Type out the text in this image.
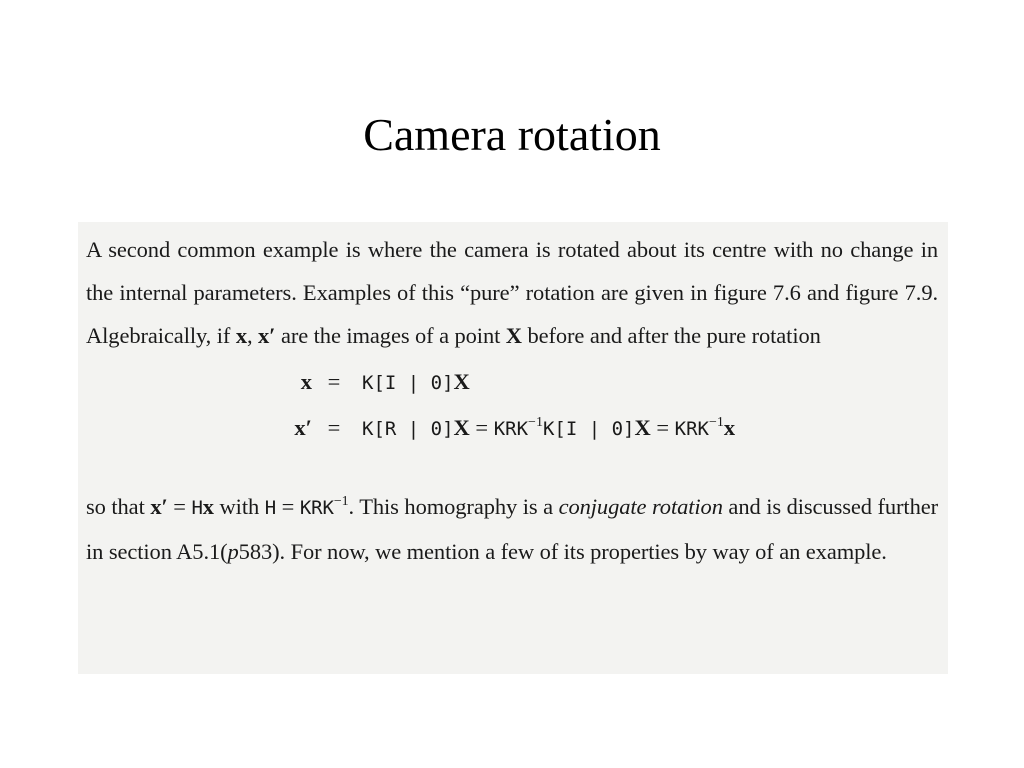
Camera rotation

A second common example is where the camera is rotated about its centre with no change in the internal parameters. Examples of this “pure” rotation are given in figure 7.6 and figure 7.9. Algebraically, if x, x′ are the images of a point X before and after the pure rotation

x = K[I | 0]X
x′ = K[R | $0]X = KRK^{-1}K[I$ | $0]X = KRK^{-1}x$

so that x′ = Hx with $H = KRK^{-1}$. This homography is a conjugate rotation and is discussed further in section A5.1(p583). For now, we mention a few of its properties by way of an example.
